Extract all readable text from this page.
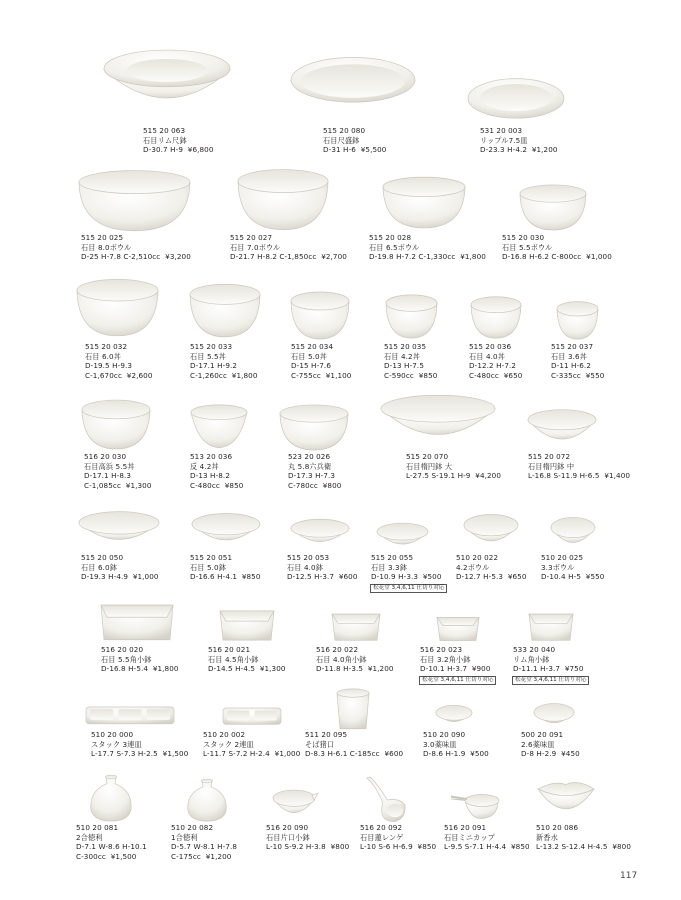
515 20 063
石目リム尺鉢
D-30.7 H-9 ¥6,800
515 20 080
石目尺盛鉢
D-31 H-6 ¥5,500
531 20 003
リップル7.5皿
D-23.3 H-4.2 ¥1,200
515 20 025
石目 8.0ボウル
D-25 H-7.8 C-2,510cc ¥3,200
515 20 027
石目 7.0ボウル
D-21.7 H-8.2 C-1,850cc ¥2,700
515 20 028
石目 6.5ボウル
D-19.8 H-7.2 C-1,330cc ¥1,800
515 20 030
石目 5.5ボウル
D-16.8 H-6.2 C-800cc ¥1,000
515 20 032
石目 6.0丼
D-19.5 H-9.3
C-1,670cc ¥2,600
515 20 033
石目 5.5丼
D-17.1 H-9.2
C-1,260cc ¥1,800
515 20 034
石目 5.0丼
D-15 H-7.6
C-755cc ¥1,100
515 20 035
石目 4.2丼
D-13 H-7.5
C-590cc ¥850
515 20 036
石目 4.0丼
D-12.2 H-7.2
C-480cc ¥650
515 20 037
石目 3.6丼
D-11 H-6.2
C-335cc ¥550
516 20 030
石目高浜 5.5丼
D-17.1 H-8.3
C-1,085cc ¥1,300
513 20 036
反 4.2丼
D-13 H-8.2
C-480cc ¥850
523 20 026
丸 5.8六兵衛
D-17.3 H-7.3
C-780cc ¥800
515 20 070
石目楕円鉢 大
L-27.5 S-19.1 H-9 ¥4,200
515 20 072
石目楕円鉢 中
L-16.8 S-11.9 H-6.5 ¥1,400
515 20 050
石目 6.0鉢
D-19.3 H-4.9 ¥1,000
515 20 051
石目 5.0鉢
D-16.6 H-4.1 ¥850
515 20 053
石目 4.0鉢
D-12.5 H-3.7 ¥600
515 20 055
石目 3.3鉢
D-10.9 H-3.3 ¥500
松花堂 3,4,6,11 仕切り対応
510 20 022
4.2ボウル
D-12.7 H-5.3 ¥650
510 20 025
3.3ボウル
D-10.4 H-5 ¥550
516 20 020
石目 5.5角小鉢
D-16.8 H-5.4 ¥1,800
516 20 021
石目 4.5角小鉢
D-14.5 H-4.5 ¥1,300
516 20 022
石目 4.0角小鉢
D-11.8 H-3.5 ¥1,200
516 20 023
石目 3.2角小鉢
D-10.1 H-3.7 ¥900
松花堂 3,4,6,11 仕切り対応
533 20 040
リム角小鉢
D-11.1 H-3.7 ¥750
松花堂 3,4,6,11 仕切り対応
510 20 000
スタック 3連皿
L-17.7 S-7.3 H-2.5 ¥1,500
510 20 002
スタック 2連皿
L-11.7 S-7.2 H-2.4 ¥1,000
511 20 095
そば猪口
D-8.3 H-6.1 C-185cc ¥600
510 20 090
3.0薬味皿
D-8.6 H-1.9 ¥500
500 20 091
2.6薬味皿
D-8 H-2.9 ¥450
510 20 081
2合徳利
D-7.1 W-8.6 H-10.1
C-300cc ¥1,500
510 20 082
1合徳利
D-5.7 W-8.1 H-7.8
C-175cc ¥1,200
516 20 090
石目片口小鉢
L-10 S-9.2 H-3.8 ¥800
516 20 092
石目蓮レンゲ
L-10 S-6 H-6.9 ¥850
516 20 091
石目ミニカップ
L-9.5 S-7.1 H-4.4 ¥850
510 20 086
新香水
L-13.2 S-12.4 H-4.5 ¥800
117
